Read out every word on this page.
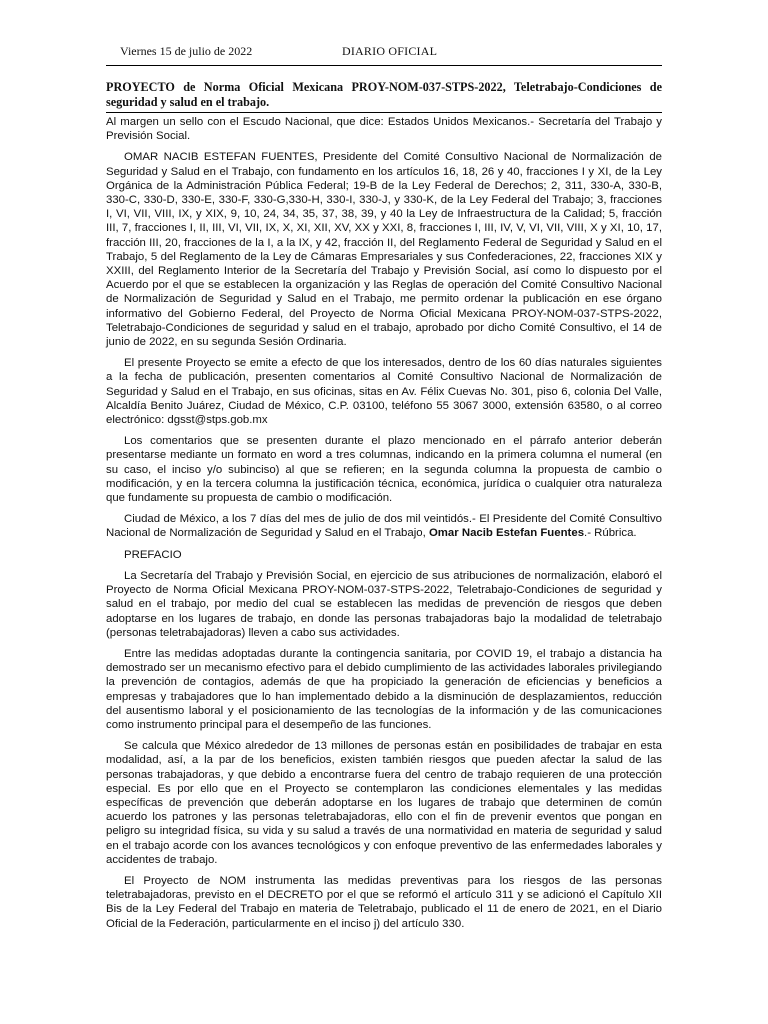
Viernes 15 de julio de 2022	DIARIO OFICIAL
PROYECTO de Norma Oficial Mexicana PROY-NOM-037-STPS-2022, Teletrabajo-Condiciones de seguridad y salud en el trabajo.

Al margen un sello con el Escudo Nacional, que dice: Estados Unidos Mexicanos.- Secretaría del Trabajo y Previsión Social.

OMAR NACIB ESTEFAN FUENTES, Presidente del Comité Consultivo Nacional de Normalización de Seguridad y Salud en el Trabajo, con fundamento en los artículos 16, 18, 26 y 40, fracciones I y XI, de la Ley Orgánica de la Administración Pública Federal; 19-B de la Ley Federal de Derechos; 2, 311, 330-A, 330-B, 330-C, 330-D, 330-E, 330-F, 330-G,330-H, 330-I, 330-J, y 330-K, de la Ley Federal del Trabajo; 3, fracciones I, VI, VII, VIII, IX, y XIX, 9, 10, 24, 34, 35, 37, 38, 39, y 40 la Ley de Infraestructura de la Calidad; 5, fracción III, 7, fracciones I, II, III, VI, VII, IX, X, XI, XII, XV, XX y XXI, 8, fracciones I, III, IV, V, VI, VII, VIII, X y XI, 10, 17, fracción III, 20, fracciones de la I, a la IX, y 42, fracción II, del Reglamento Federal de Seguridad y Salud en el Trabajo, 5 del Reglamento de la Ley de Cámaras Empresariales y sus Confederaciones, 22, fracciones XIX y XXIII, del Reglamento Interior de la Secretaría del Trabajo y Previsión Social, así como lo dispuesto por el Acuerdo por el que se establecen la organización y las Reglas de operación del Comité Consultivo Nacional de Normalización de Seguridad y Salud en el Trabajo, me permito ordenar la publicación en ese órgano informativo del Gobierno Federal, del Proyecto de Norma Oficial Mexicana PROY-NOM-037-STPS-2022, Teletrabajo-Condiciones de seguridad y salud en el trabajo, aprobado por dicho Comité Consultivo, el 14 de junio de 2022, en su segunda Sesión Ordinaria.

El presente Proyecto se emite a efecto de que los interesados, dentro de los 60 días naturales siguientes a la fecha de publicación, presenten comentarios al Comité Consultivo Nacional de Normalización de Seguridad y Salud en el Trabajo, en sus oficinas, sitas en Av. Félix Cuevas No. 301, piso 6, colonia Del Valle, Alcaldía Benito Juárez, Ciudad de México, C.P. 03100, teléfono 55 3067 3000, extensión 63580, o al correo electrónico: dgsst@stps.gob.mx

Los comentarios que se presenten durante el plazo mencionado en el párrafo anterior deberán presentarse mediante un formato en word a tres columnas, indicando en la primera columna el numeral (en su caso, el inciso y/o subinciso) al que se refieren; en la segunda columna la propuesta de cambio o modificación, y en la tercera columna la justificación técnica, económica, jurídica o cualquier otra naturaleza que fundamente su propuesta de cambio o modificación.

Ciudad de México, a los 7 días del mes de julio de dos mil veintidós.- El Presidente del Comité Consultivo Nacional de Normalización de Seguridad y Salud en el Trabajo, Omar Nacib Estefan Fuentes.- Rúbrica.

PREFACIO

La Secretaría del Trabajo y Previsión Social, en ejercicio de sus atribuciones de normalización, elaboró el Proyecto de Norma Oficial Mexicana PROY-NOM-037-STPS-2022, Teletrabajo-Condiciones de seguridad y salud en el trabajo, por medio del cual se establecen las medidas de prevención de riesgos que deben adoptarse en los lugares de trabajo, en donde las personas trabajadoras bajo la modalidad de teletrabajo (personas teletrabajadoras) lleven a cabo sus actividades.

Entre las medidas adoptadas durante la contingencia sanitaria, por COVID 19, el trabajo a distancia ha demostrado ser un mecanismo efectivo para el debido cumplimiento de las actividades laborales privilegiando la prevención de contagios, además de que ha propiciado la generación de eficiencias y beneficios a empresas y trabajadores que lo han implementado debido a la disminución de desplazamientos, reducción del ausentismo laboral y el posicionamiento de las tecnologías de la información y de las comunicaciones como instrumento principal para el desempeño de las funciones.

Se calcula que México alrededor de 13 millones de personas están en posibilidades de trabajar en esta modalidad, así, a la par de los beneficios, existen también riesgos que pueden afectar la salud de las personas trabajadoras, y que debido a encontrarse fuera del centro de trabajo requieren de una protección especial. Es por ello que en el Proyecto se contemplaron las condiciones elementales y las medidas específicas de prevención que deberán adoptarse en los lugares de trabajo que determinen de común acuerdo los patrones y las personas teletrabajadoras, ello con el fin de prevenir eventos que pongan en peligro su integridad física, su vida y su salud a través de una normatividad en materia de seguridad y salud en el trabajo acorde con los avances tecnológicos y con enfoque preventivo de las enfermedades laborales y accidentes de trabajo.

El Proyecto de NOM instrumenta las medidas preventivas para los riesgos de las personas teletrabajadoras, previsto en el DECRETO por el que se reformó el artículo 311 y se adicionó el Capítulo XII Bis de la Ley Federal del Trabajo en materia de Teletrabajo, publicado el 11 de enero de 2021, en el Diario Oficial de la Federación, particularmente en el inciso j) del artículo 330.
